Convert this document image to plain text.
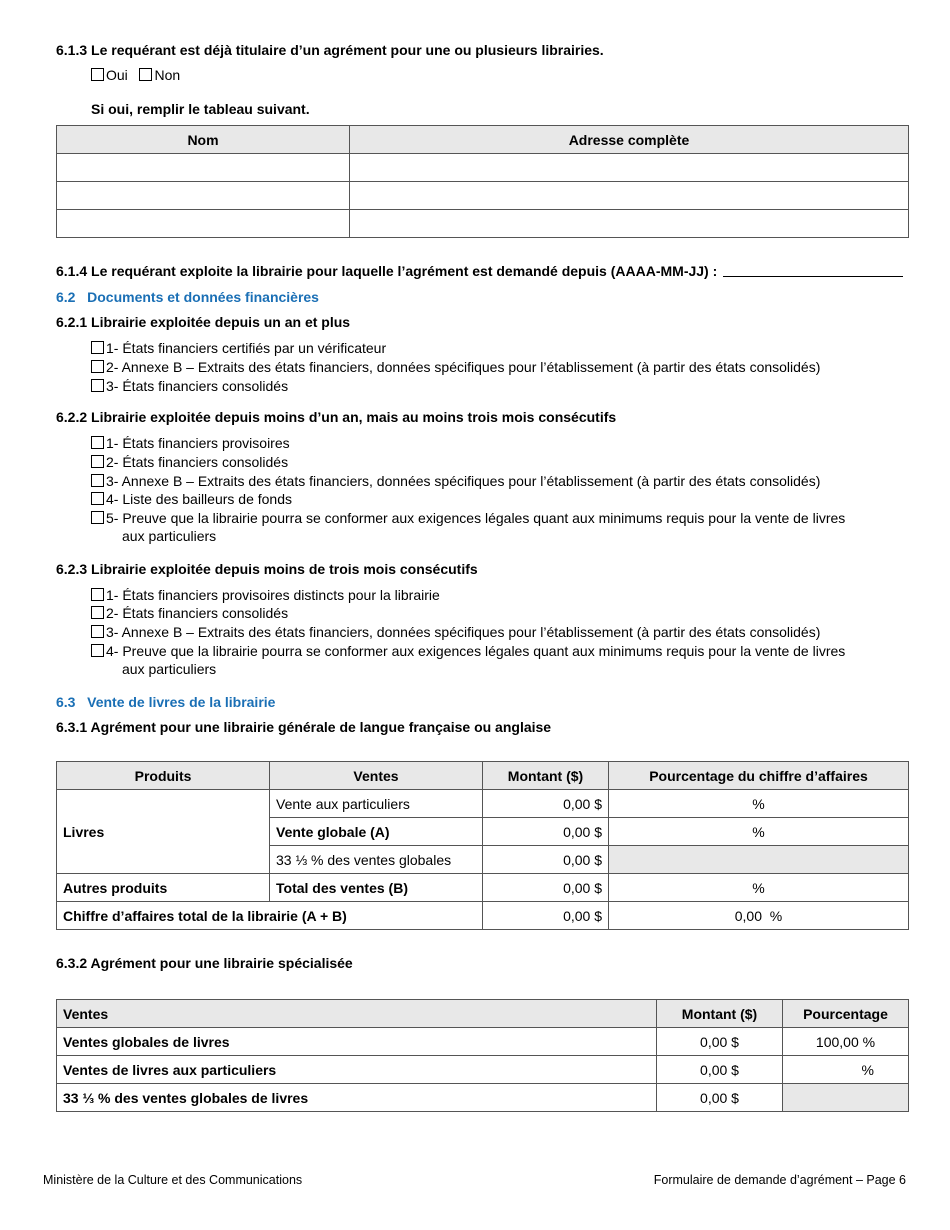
6.1.3 Le requérant est déjà titulaire d’un agrément pour une ou plusieurs librairies.
Oui Non
Si oui, remplir le tableau suivant.
Nom	Adresse complète

6.1.4 Le requérant exploite la librairie pour laquelle l’agrément est demandé depuis (AAAA-MM-JJ) :
6.2   Documents et données financières
6.2.1 Librairie exploitée depuis un an et plus
1- États financiers certifiés par un vérificateur
2- Annexe B – Extraits des états financiers, données spécifiques pour l’établissement (à partir des états consolidés)
3- États financiers consolidés
6.2.2 Librairie exploitée depuis moins d’un an, mais au moins trois mois consécutifs
1- États financiers provisoires
2- États financiers consolidés
3- Annexe B – Extraits des états financiers, données spécifiques pour l’établissement (à partir des états consolidés)
4- Liste des bailleurs de fonds
5- Preuve que la librairie pourra se conformer aux exigences légales quant aux minimums requis pour la vente de livres
aux particuliers
6.2.3 Librairie exploitée depuis moins de trois mois consécutifs
1- États financiers provisoires distincts pour la librairie
2- États financiers consolidés
3- Annexe B – Extraits des états financiers, données spécifiques pour l’établissement (à partir des états consolidés)
4- Preuve que la librairie pourra se conformer aux exigences légales quant aux minimums requis pour la vente de livres
aux particuliers
6.3   Vente de livres de la librairie
6.3.1 Agrément pour une librairie générale de langue française ou anglaise
Produits	Ventes	Montant ($)	Pourcentage du chiffre d’affaires
Livres	Vente aux particuliers	0,00 $	%
	Vente globale (A)	0,00 $	%
	33 ⅓ % des ventes globales	0,00 $	
Autres produits	Total des ventes (B)	0,00 $	%
Chiffre d’affaires total de la librairie (A + B)		0,00 $	0,00  %
6.3.2 Agrément pour une librairie spécialisée
Ventes	Montant ($)	Pourcentage
Ventes globales de livres	0,00 $	100,00 %
Ventes de livres aux particuliers	0,00 $	%
33 ⅓ % des ventes globales de livres	0,00 $	
Ministère de la Culture et des Communications	Formulaire de demande d’agrément – Page 6
